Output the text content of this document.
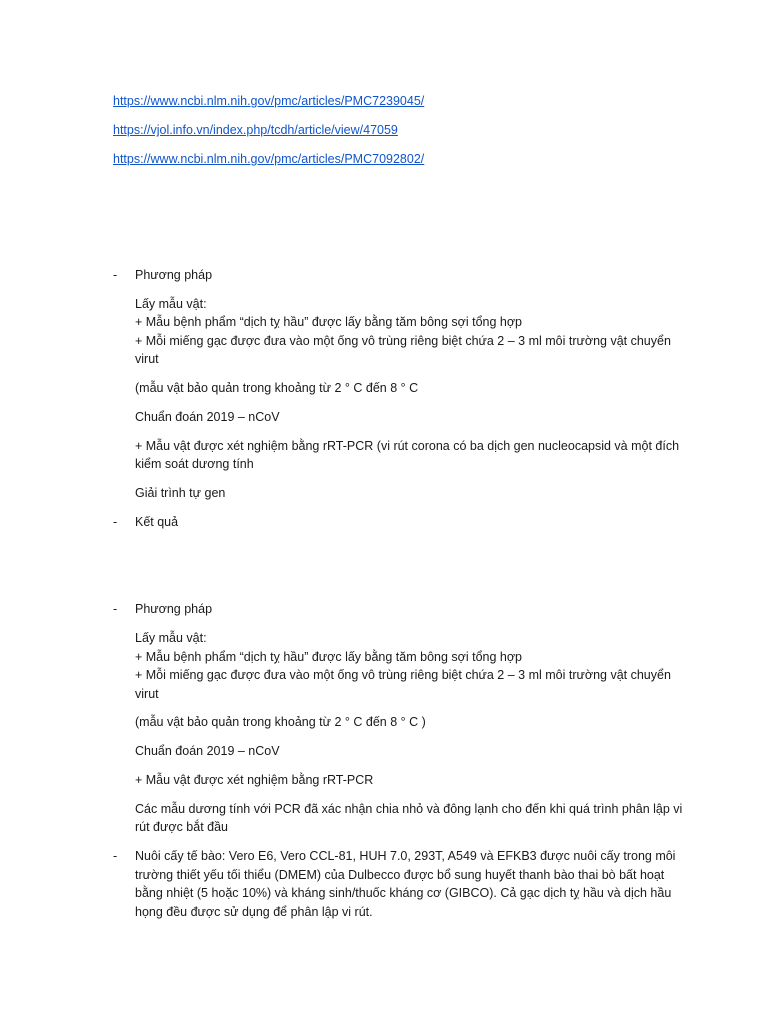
https://www.ncbi.nlm.nih.gov/pmc/articles/PMC7239045/
https://vjol.info.vn/index.php/tcdh/article/view/47059
https://www.ncbi.nlm.nih.gov/pmc/articles/PMC7092802/
- Phương pháp
Lấy mẫu vật:
+ Mẫu bệnh phẩm “dịch tỵ hầu” được lấy bằng tăm bông sợi tổng hợp
+ Mỗi miếng gạc được đưa vào một ống vô trùng riêng biệt chứa 2 – 3 ml môi trường vật chuyển
virut
(mẫu vật bảo quản trong khoảng từ 2 ° C đến 8 ° C
Chuẩn đoán 2019 – nCoV
+ Mẫu vật được xét nghiệm bằng rRT-PCR (vi rút corona có ba dịch gen nucleocapsid và một đích
kiểm soát dương tính
Giải trình tự gen
- Kết quả
- Phương pháp
Lấy mẫu vật:
+ Mẫu bệnh phẩm “dịch tỵ hầu” được lấy bằng tăm bông sợi tổng hợp
+ Mỗi miếng gạc được đưa vào một ống vô trùng riêng biệt chứa 2 – 3 ml môi trường vật chuyển
virut
(mẫu vật bảo quản trong khoảng từ 2 ° C đến 8 ° C )
Chuẩn đoán 2019 – nCoV
+ Mẫu vật được xét nghiệm bằng rRT-PCR
Các mẫu dương tính với PCR đã xác nhận chia nhỏ và đông lạnh cho đến khi quá trình phân lập vi
rút được bắt đầu
- Nuôi cấy tế bào: Vero E6, Vero CCL-81, HUH 7.0, 293T, A549 và EFKB3 được nuôi cấy trong môi
trường thiết yếu tối thiểu (DMEM) của Dulbecco được bổ sung huyết thanh bào thai bò bất hoạt
bằng nhiệt (5 hoặc 10%) và kháng sinh/thuốc kháng cơ (GIBCO). Cả gạc dịch tỵ hầu và dịch hầu
họng đều được sử dụng để phân lập vi rút.
